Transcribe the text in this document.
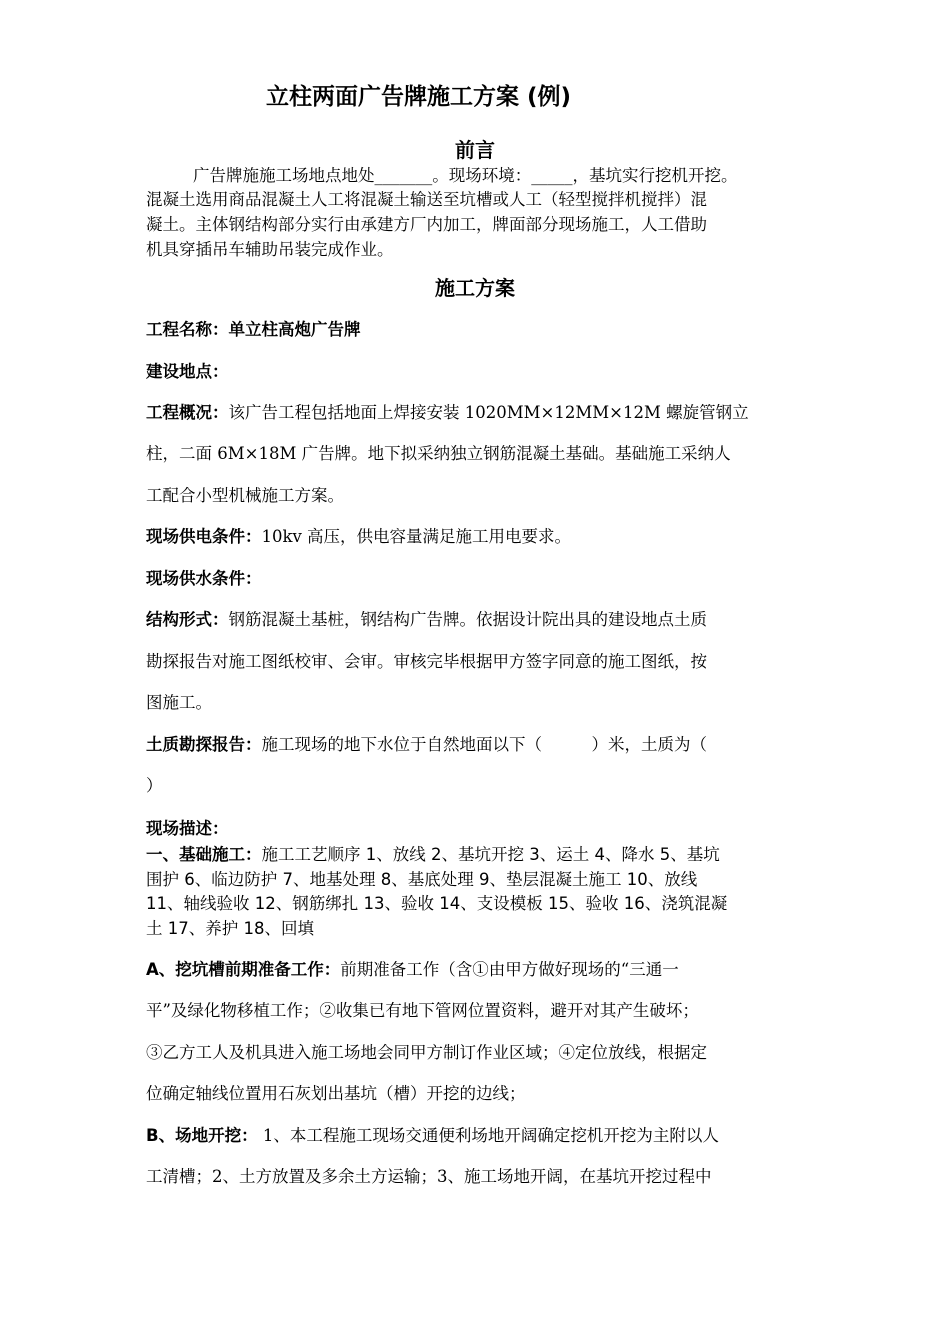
立柱两面广告牌施工方案 (例)
前言
广告牌施施工场地点地处_______。现场环境：_____，基坑实行挖机开挖。
混凝土选用商品混凝土人工将混凝土输送至坑槽或人工（轻型搅拌机搅拌）混
凝土。主体钢结构部分实行由承建方厂内加工，牌面部分现场施工，人工借助
机具穿插吊车辅助吊装完成作业。
施工方案
工程名称：单立柱高炮广告牌
建设地点：
工程概况：该广告工程包括地面上焊接安装 1020MM×12MM×12M 螺旋管钢立
柱，二面 6M×18M 广告牌。地下拟采纳独立钢筋混凝土基础。基础施工采纳人
工配合小型机械施工方案。
现场供电条件：10kv 高压，供电容量满足施工用电要求。
现场供水条件：
结构形式：钢筋混凝土基桩，钢结构广告牌。依据设计院出具的建设地点土质
勘探报告对施工图纸校审、会审。审核完毕根据甲方签字同意的施工图纸，按
图施工。
土质勘探报告：施工现场的地下水位于自然地面以下（　　　）米，土质为（
）
现场描述：
一、基础施工：施工工艺顺序 1、放线 2、基坑开挖 3、运土 4、降水 5、基坑
围护 6、临边防护 7、地基处理 8、基底处理 9、垫层混凝土施工 10、放线
11、轴线验收 12、钢筋绑扎 13、验收 14、支设模板 15、验收 16、浇筑混凝
土 17、养护 18、回填
A、挖坑槽前期准备工作：前期准备工作（含①由甲方做好现场的“三通一
平”及绿化物移植工作；②收集已有地下管网位置资料，避开对其产生破坏；
③乙方工人及机具进入施工场地会同甲方制订作业区域；④定位放线，根据定
位确定轴线位置用石灰划出基坑（槽）开挖的边线；
B、场地开挖： 1、本工程施工现场交通便利场地开阔确定挖机开挖为主附以人
工清槽；2、土方放置及多余土方运输；3、施工场地开阔，在基坑开挖过程中
